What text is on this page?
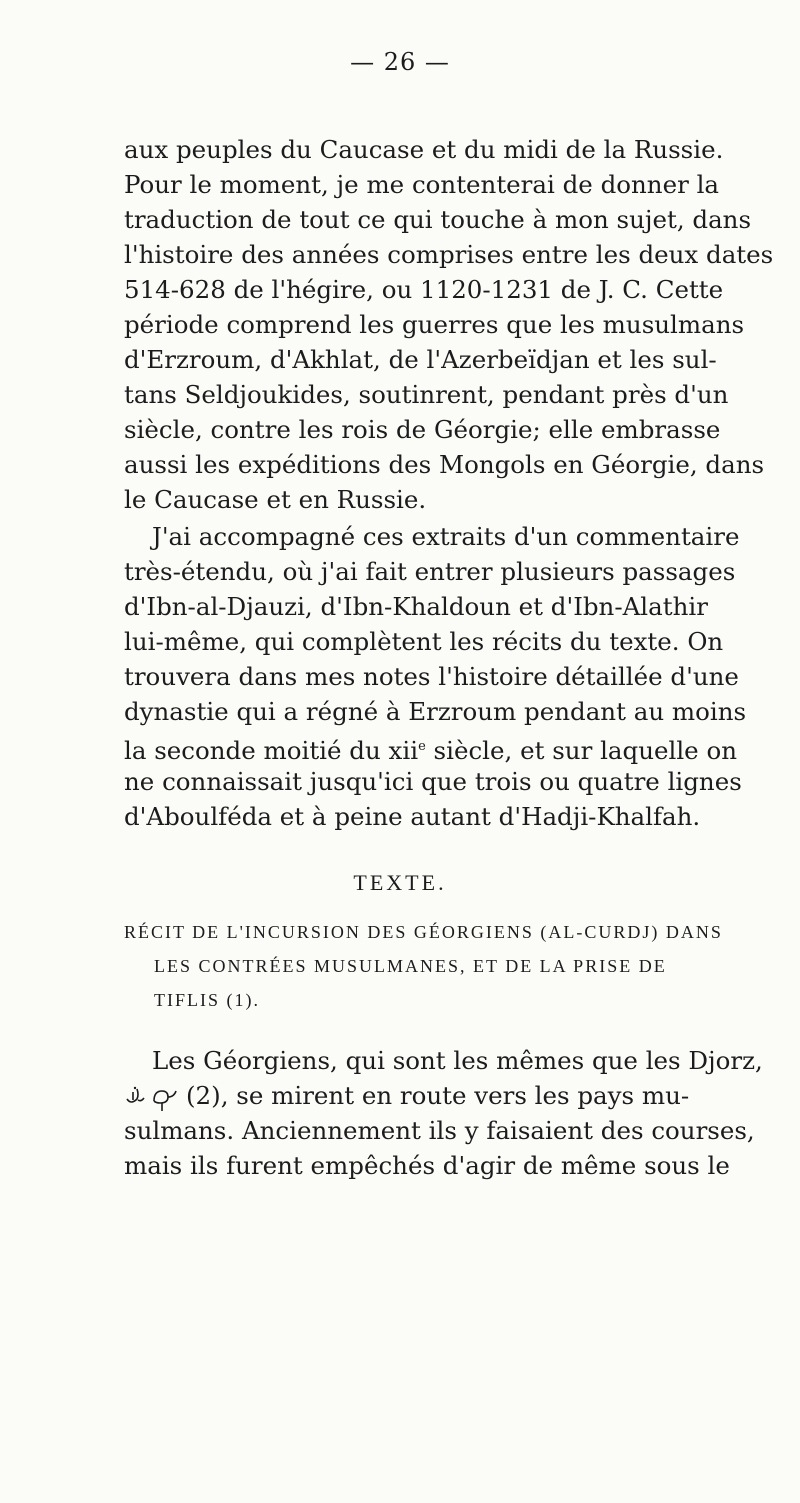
— 26 —
aux peuples du Caucase et du midi de la Russie.
Pour le moment, je me contenterai de donner la
traduction de tout ce qui touche à mon sujet, dans
l'histoire des années comprises entre les deux dates
514-628 de l'hégire, ou 1120-1231 de J. C. Cette
période comprend les guerres que les musulmans
d'Erzroum, d'Akhlat, de l'Azerbeïdjan et les sul-
tans Seldjoukides, soutinrent, pendant près d'un
siècle, contre les rois de Géorgie; elle embrasse
aussi les expéditions des Mongols en Géorgie, dans
le Caucase et en Russie.
J'ai accompagné ces extraits d'un commentaire
très-étendu, où j'ai fait entrer plusieurs passages
d'Ibn-al-Djauzi, d'Ibn-Khaldoun et d'Ibn-Alathir
lui-même, qui complètent les récits du texte. On
trouvera dans mes notes l'histoire détaillée d'une
dynastie qui a régné à Erzroum pendant au moins
la seconde moitié du xii$^e$ siècle, et sur laquelle on
ne connaissait jusqu'ici que trois ou quatre lignes
d'Aboulféda et à peine autant d'Hadji-Khalfah.
TEXTE.
RÉCIT DE L'INCURSION DES GÉORGIENS (AL-CURDJ) DANS
LES CONTRÉES MUSULMANES, ET DE LA PRISE DE
TIFLIS (1).
Les Géorgiens, qui sont les mêmes que les Djorz,
(2), se mirent en route vers les pays mu-
sulmans. Anciennement ils y faisaient des courses,
mais ils furent empêchés d'agir de même sous le
